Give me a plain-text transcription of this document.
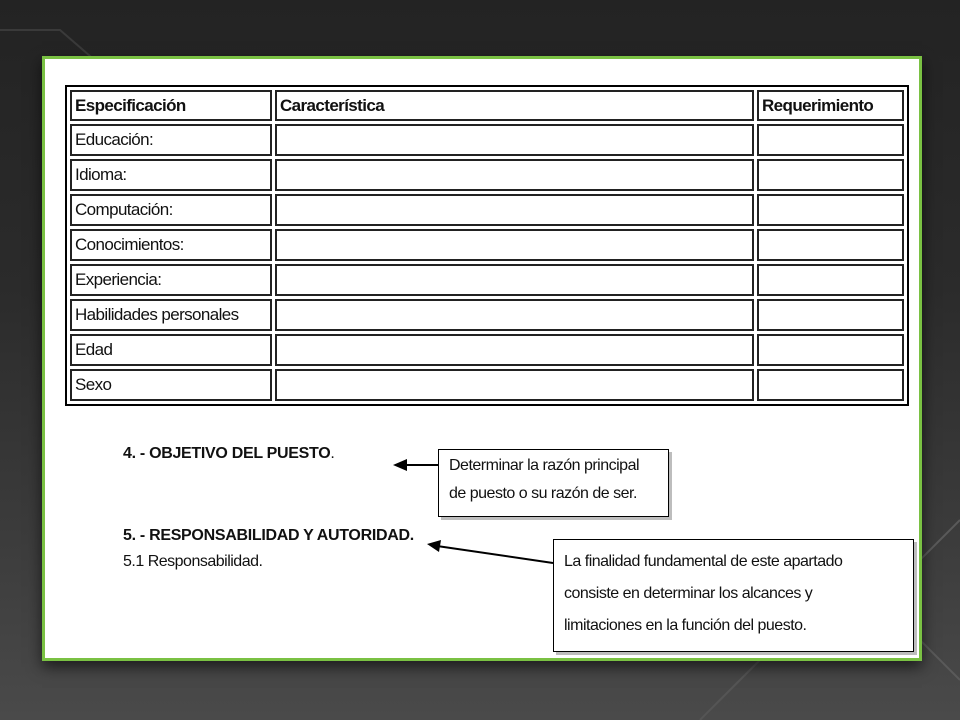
Especificación	Característica	Requerimiento
Educación:		
Idioma:		
Computación:		
Conocimientos:		
Experiencia:		
Habilidades personales		
Edad		
Sexo		
4. - OBJETIVO DEL PUESTO.
Determinar la razón principal
de puesto o su razón de ser.
5. - RESPONSABILIDAD Y AUTORIDAD.
5.1 Responsabilidad.	La finalidad fundamental de este apartado
consiste en determinar los alcances y
limitaciones en la función del puesto.
